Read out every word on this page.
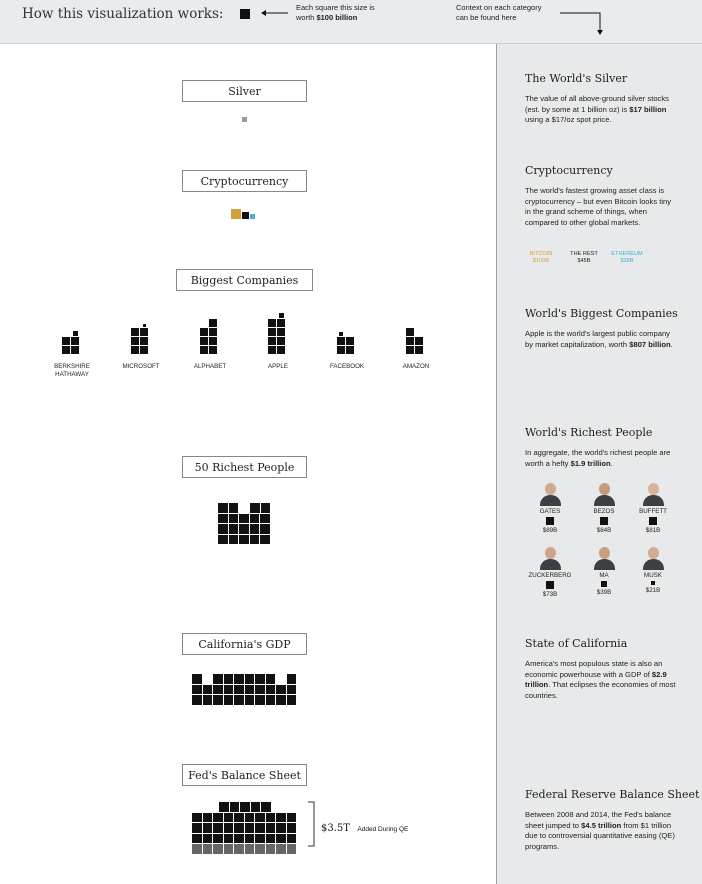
How this visualization works:	Each square this size is
worth $100 billion
Context on each category
can be found here
Silver
Cryptocurrency
Biggest Companies
BERKSHIRE HATHAWAY
MICROSOFT	ALPHABET	APPLE	FACEBOOK	AMAZON
50 Richest People
California's GDP
Fed's Balance Sheet
$3.5T Added During QE
The World's Silver
The value of all above-ground silver stocks (est. by some at 1 billion oz) is $17 billion using a $17/oz spot price.
Cryptocurrency
The world's fastest growing asset class is cryptocurrency – but even Bitcoin looks tiny in the grand scheme of things, when compared to other global markets.
BITCOIN
$100B
THE REST
$45B
ETHEREUM
$28B
World's Biggest Companies
Apple is the world's largest public company by market capitalization, worth $807 billion.
World's Richest People
In aggregate, the world's richest people are worth a hefty $1.9 trillion.
GATES
$89B
BEZOS
$84B
BUFFETT
$81B
ZUCKERBERG
$73B
MA
$39B
MUSK
$21B
State of California
America's most populous state is also an economic powerhouse with a GDP of $2.9 trillion. That eclipses the economies of most countries.
Federal Reserve Balance Sheet
Between 2008 and 2014, the Fed's balance sheet jumped to $4.5 trillion from $1 trillion due to controversial quantitative easing (QE) programs.
